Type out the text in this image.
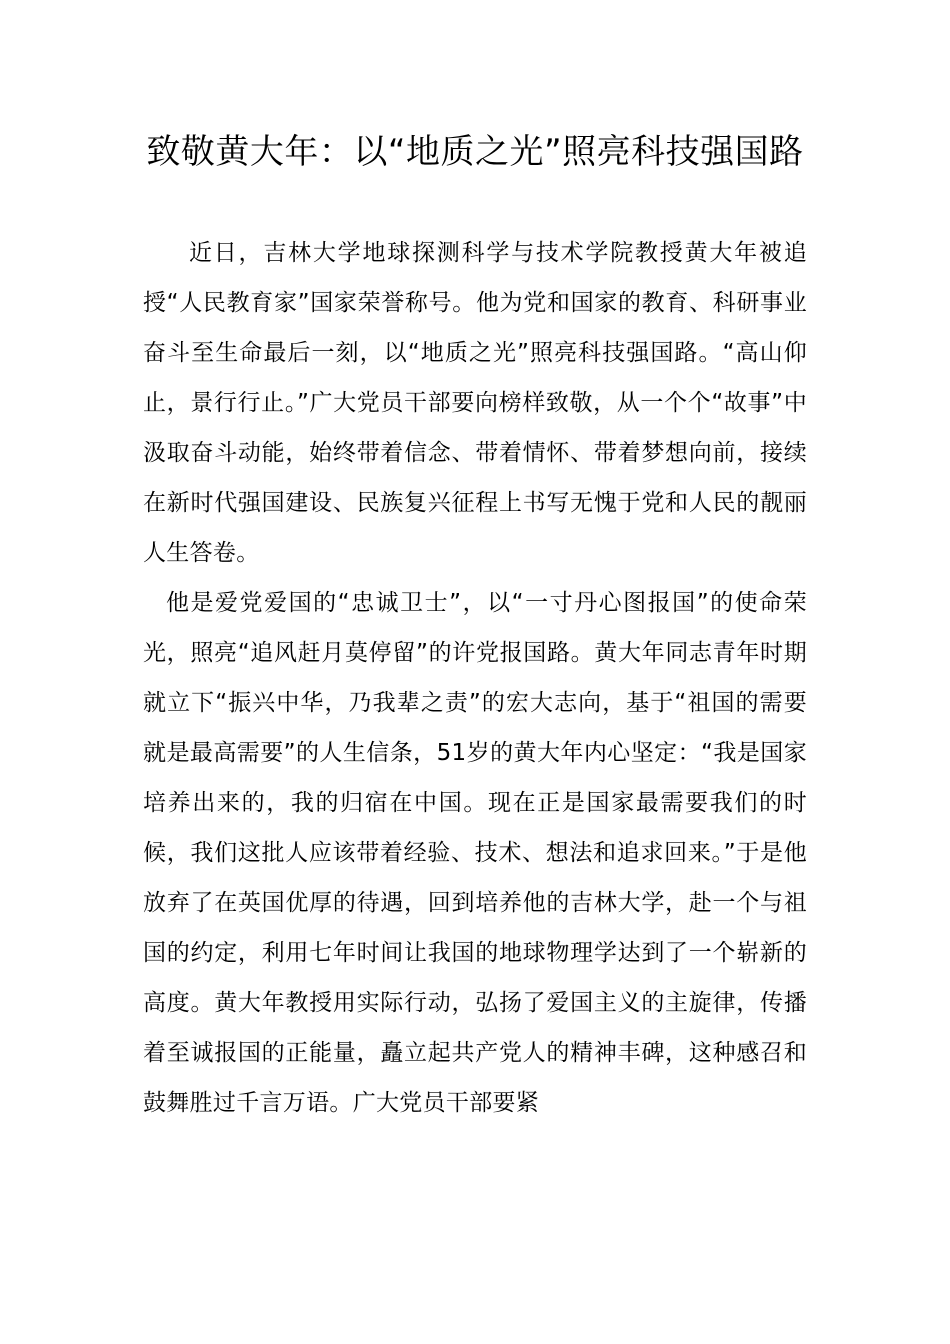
致敬黄大年：以“地质之光”照亮科技强国路

近日，吉林大学地球探测科学与技术学院教授黄大年被追授“人民教育家”国家荣誉称号。他为党和国家的教育、科研事业奋斗至生命最后一刻，以“地质之光”照亮科技强国路。“高山仰止，景行行止。”广大党员干部要向榜样致敬，从一个个“故事”中汲取奋斗动能，始终带着信念、带着情怀、带着梦想向前，接续在新时代强国建设、民族复兴征程上书写无愧于党和人民的靓丽人生答卷。

他是爱党爱国的“忠诚卫士”，以“一寸丹心图报国”的使命荣光，照亮“追风赶月莫停留”的许党报国路。黄大年同志青年时期就立下“振兴中华，乃我辈之责”的宏大志向，基于“祖国的需要就是最高需要”的人生信条，51岁的黄大年内心坚定：“我是国家培养出来的，我的归宿在中国。现在正是国家最需要我们的时候，我们这批人应该带着经验、技术、想法和追求回来。”于是他放弃了在英国优厚的待遇，回到培养他的吉林大学，赴一个与祖国的约定，利用七年时间让我国的地球物理学达到了一个崭新的高度。黄大年教授用实际行动，弘扬了爱国主义的主旋律，传播着至诚报国的正能量，矗立起共产党人的精神丰碑，这种感召和鼓舞胜过千言万语。广大党员干部要紧
